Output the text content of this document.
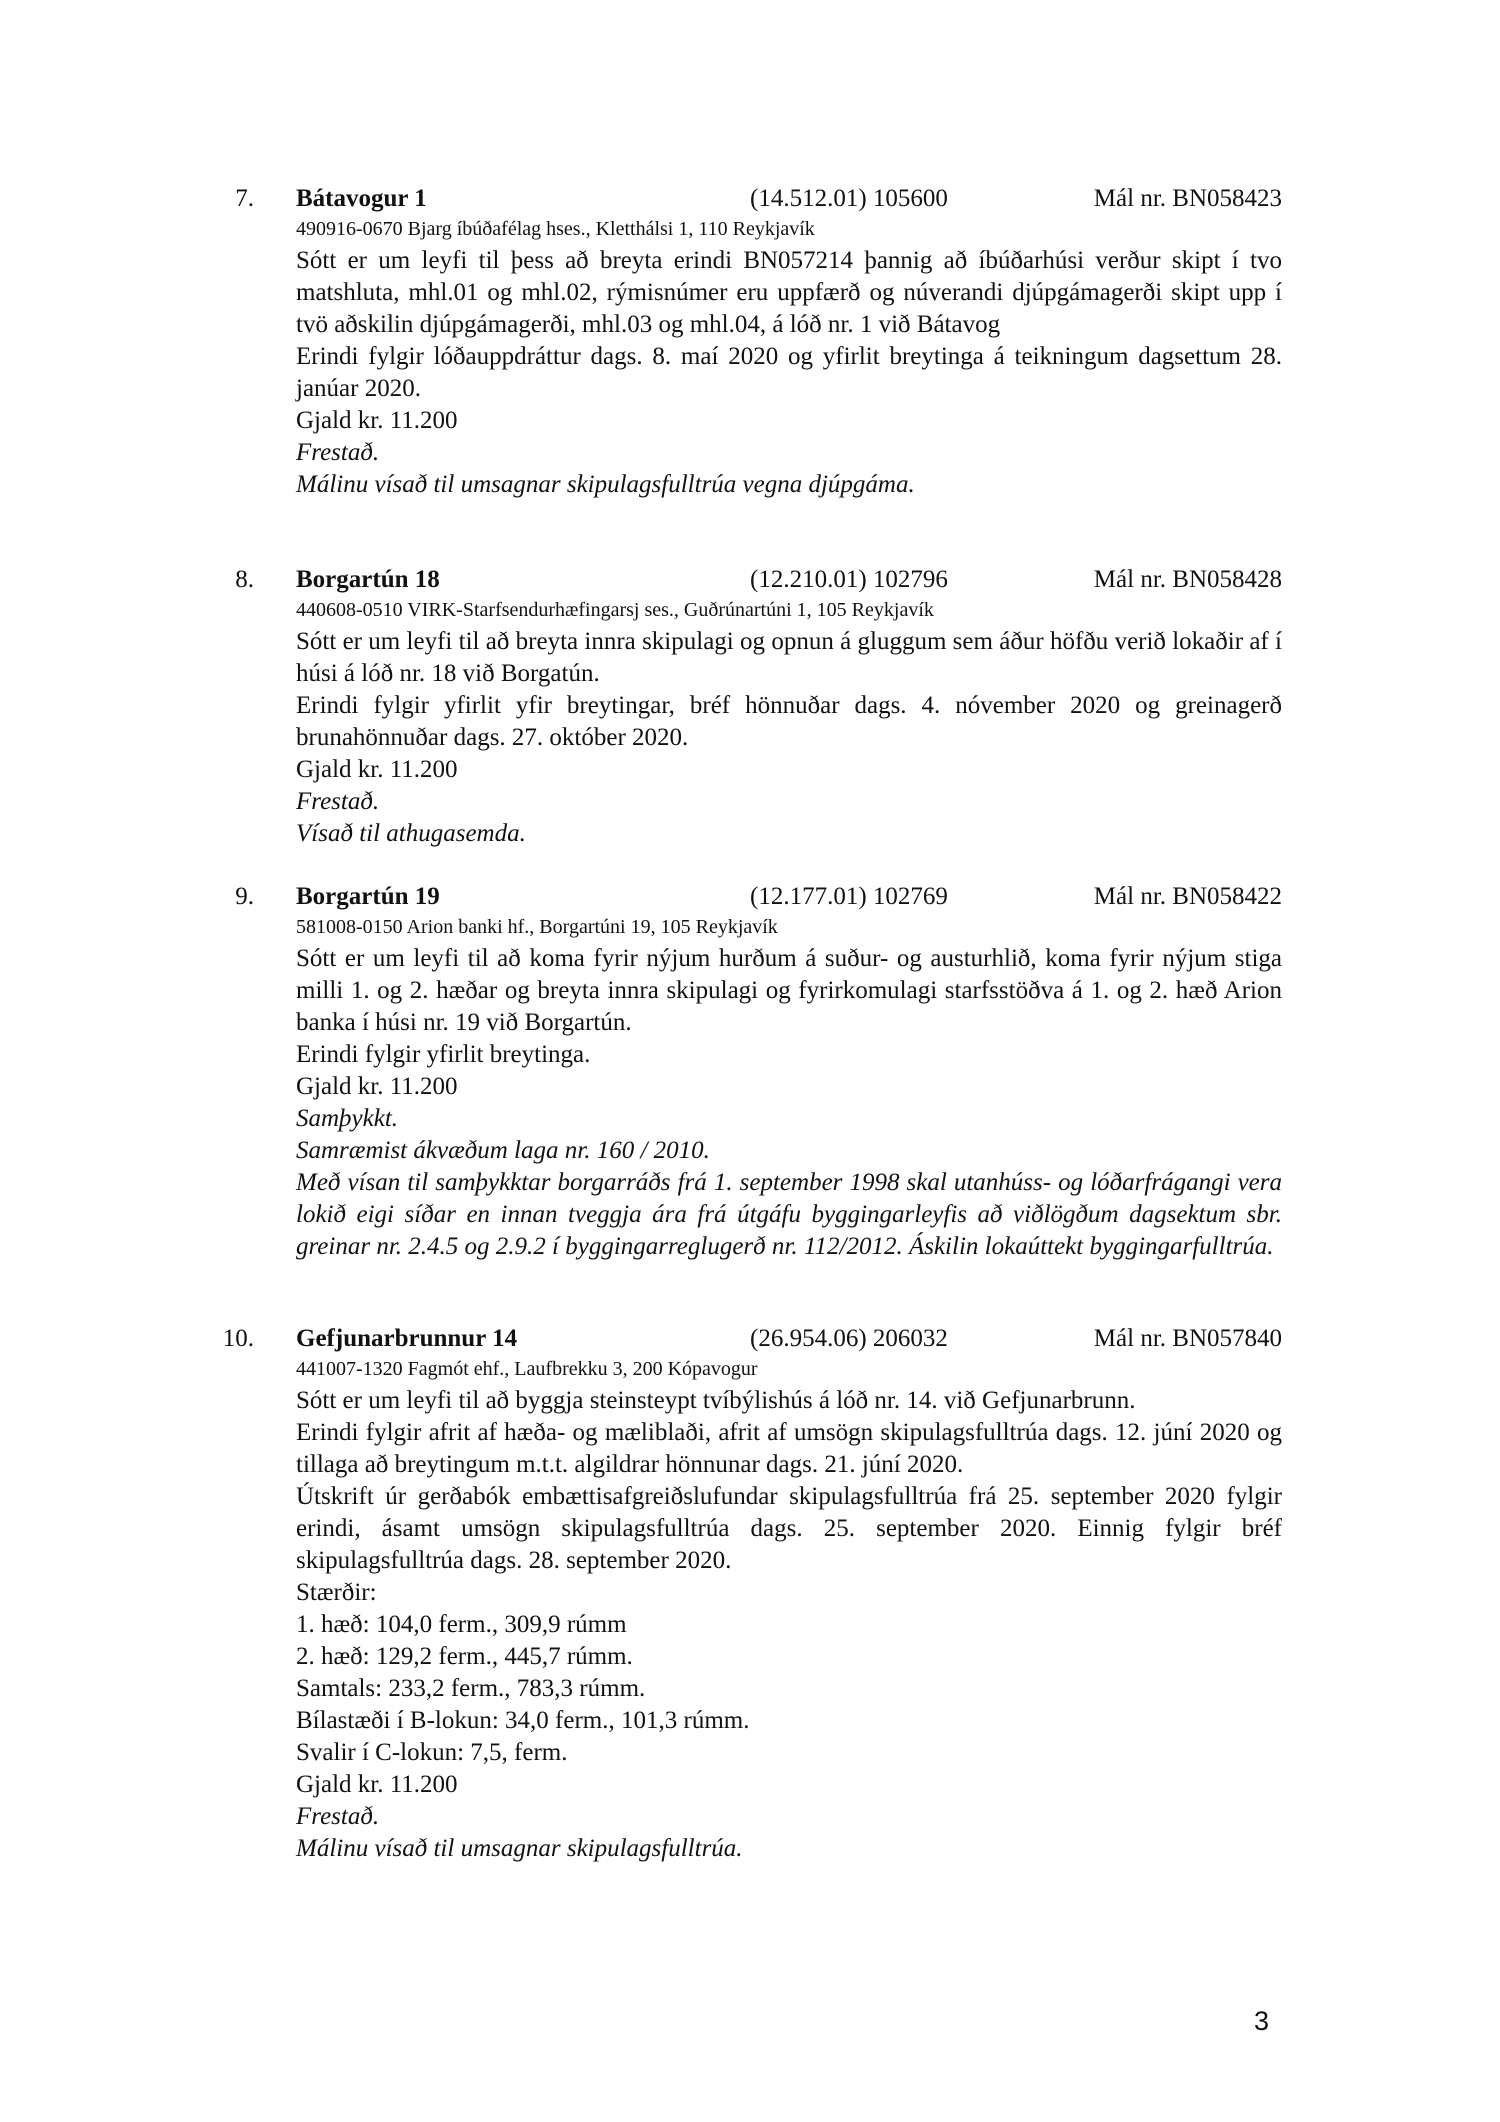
7. Bátavogur 1	(14.512.01) 105600	Mál nr. BN058423
490916-0670 Bjarg íbúðafélag hses., Kletthálsi 1, 110 Reykjavík

Sótt er um leyfi til þess að breyta erindi BN057214 þannig að íbúðarhúsi verður skipt í tvo matshluta, mhl.01 og mhl.02, rýmisnúmer eru uppfærð og núverandi djúpgámagerði skipt upp í tvö aðskilin djúpgámagerði, mhl.03 og mhl.04, á lóð nr. 1 við Bátavog

Erindi fylgir lóðauppdráttur dags. 8. maí 2020 og yfirlit breytinga á teikningum dagsettum 28. janúar 2020.

Gjald kr. 11.200

Frestað.

Málinu vísað til umsagnar skipulagsfulltrúa vegna djúpgáma.

8. Borgartún 18	(12.210.01) 102796	Mál nr. BN058428
440608-0510 VIRK-Starfsendurhæfingarsj ses., Guðrúnartúni 1, 105 Reykjavík

Sótt er um leyfi til að breyta innra skipulagi og opnun á gluggum sem áður höfðu verið lokaðir af í húsi á lóð nr. 18 við Borgatún.

Erindi fylgir yfirlit yfir breytingar, bréf hönnuðar dags. 4. nóvember 2020 og greinagerð brunahönnuðar dags. 27. október 2020.

Gjald kr. 11.200

Frestað.

Vísað til athugasemda.

9. Borgartún 19	(12.177.01) 102769	Mál nr. BN058422
581008-0150 Arion banki hf., Borgartúni 19, 105 Reykjavík

Sótt er um leyfi til að koma fyrir nýjum hurðum á suður- og austurhlið, koma fyrir nýjum stiga milli 1. og 2. hæðar og breyta innra skipulagi og fyrirkomulagi starfsstöðva á 1. og 2. hæð Arion banka í húsi nr. 19 við Borgartún.

Erindi fylgir yfirlit breytinga.

Gjald kr. 11.200

Samþykkt.

Samræmist ákvæðum laga nr. 160 / 2010.

Með vísan til samþykktar borgarráðs frá 1. september 1998 skal utanhúss- og lóðarfrágangi vera lokið eigi síðar en innan tveggja ára frá útgáfu byggingarleyfis að viðlögðum dagsektum sbr. greinar nr. 2.4.5 og 2.9.2 í byggingarreglugerð nr. 112/2012. Áskilin lokaúttekt byggingarfulltrúa.

10. Gefjunarbrunnur 14	(26.954.06) 206032	Mál nr. BN057840
441007-1320 Fagmót ehf., Laufbrekku 3, 200 Kópavogur

Sótt er um leyfi til að byggja steinsteypt tvíbýlishús á lóð nr. 14. við Gefjunarbrunn.

Erindi fylgir afrit af hæða- og mæliblaði, afrit af umsögn skipulagsfulltrúa dags. 12. júní 2020 og tillaga að breytingum m.t.t. algildrar hönnunar dags. 21. júní 2020.

Útskrift úr gerðabók embættisafgreiðslufundar skipulagsfulltrúa frá 25. september 2020 fylgir erindi, ásamt umsögn skipulagsfulltrúa dags. 25. september 2020. Einnig fylgir bréf skipulagsfulltrúa dags. 28. september 2020.

Stærðir:

1. hæð: 104,0 ferm., 309,9 rúmm

2. hæð: 129,2 ferm., 445,7 rúmm.

Samtals: 233,2 ferm., 783,3 rúmm.

Bílastæði í B-lokun: 34,0 ferm., 101,3 rúmm.

Svalir í C-lokun: 7,5, ferm.

Gjald kr. 11.200

Frestað.

Málinu vísað til umsagnar skipulagsfulltrúa.

3
